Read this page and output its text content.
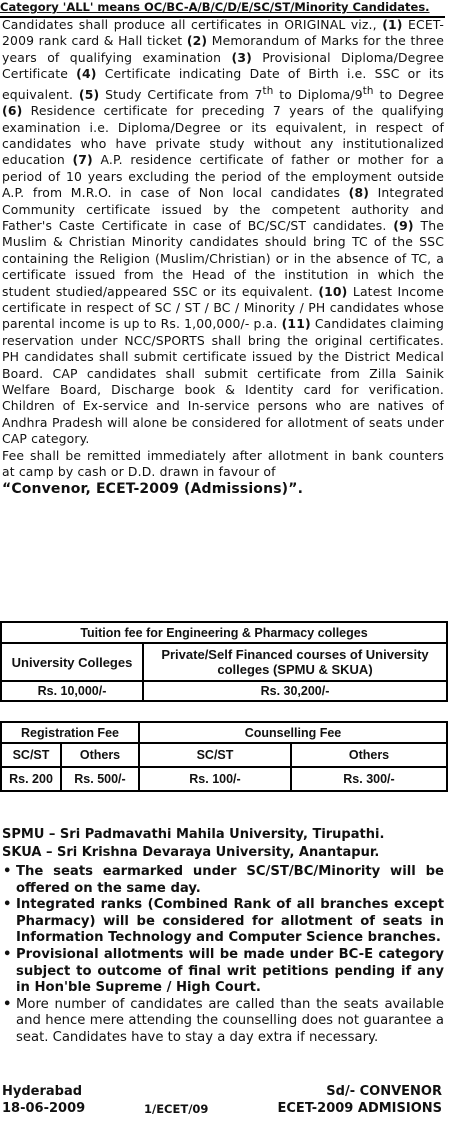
Category 'ALL' means OC/BC-A/B/C/D/E/SC/ST/Minority Candidates.
Candidates shall produce all certificates in ORIGINAL viz., (1) ECET-2009 rank card & Hall ticket (2) Memorandum of Marks for the three years of qualifying examination (3) Provisional Diploma/Degree Certificate (4) Certificate indicating Date of Birth i.e. SSC or its equivalent. (5) Study Certificate from 7th to Diploma/9th to Degree (6) Residence certificate for preceding 7 years of the qualifying examination i.e. Diploma/Degree or its equivalent, in respect of candidates who have private study without any institutionalized education (7) A.P. residence certificate of father or mother for a period of 10 years excluding the period of the employment outside A.P. from M.R.O. in case of Non local candidates (8) Integrated Community certificate issued by the competent authority and Father's Caste Certificate in case of BC/SC/ST candidates. (9) The Muslim & Christian Minority candidates should bring TC of the SSC containing the Religion (Muslim/Christian) or in the absence of TC, a certificate issued from the Head of the institution in which the student studied/appeared SSC or its equivalent. (10) Latest Income certificate in respect of SC / ST / BC / Minority / PH candidates whose parental income is up to Rs. 1,00,000/- p.a. (11) Candidates claiming reservation under NCC/SPORTS shall bring the original certificates. PH candidates shall submit certificate issued by the District Medical Board. CAP candidates shall submit certificate from Zilla Sainik Welfare Board, Discharge book & Identity card for verification. Children of Ex-service and In-service persons who are natives of Andhra Pradesh will alone be considered for allotment of seats under CAP category.
Fee shall be remitted immediately after allotment in bank counters at camp by cash or D.D. drawn in favour of
“Convenor, ECET-2009 (Admissions)”.
Tuition fee for Engineering & Pharmacy colleges	
University Colleges	Private/Self Financed courses of University colleges (SPMU & SKUA)
Rs. 10,000/-	Rs. 30,200/-
Registration Fee		Counselling Fee	
SC/ST	Others	SC/ST	Others
Rs. 200	Rs. 500/-	Rs. 100/-	Rs. 300/-
SPMU – Sri Padmavathi Mahila University, Tirupathi.
SKUA – Sri Krishna Devaraya University, Anantapur.
• The seats earmarked under SC/ST/BC/Minority will be offered on the same day.
• Integrated ranks (Combined Rank of all branches except Pharmacy) will be considered for allotment of seats in Information Technology and Computer Science branches.
• Provisional allotments will be made under BC-E category subject to outcome of final writ petitions pending if any in Hon'ble Supreme / High Court.
• More number of candidates are called than the seats available and hence mere attending the counselling does not guarantee a seat. Candidates have to stay a day extra if necessary.
Hyderabad	Sd/- CONVENOR
18-06-2009	1/ECET/09	ECET-2009 ADMISIONS
